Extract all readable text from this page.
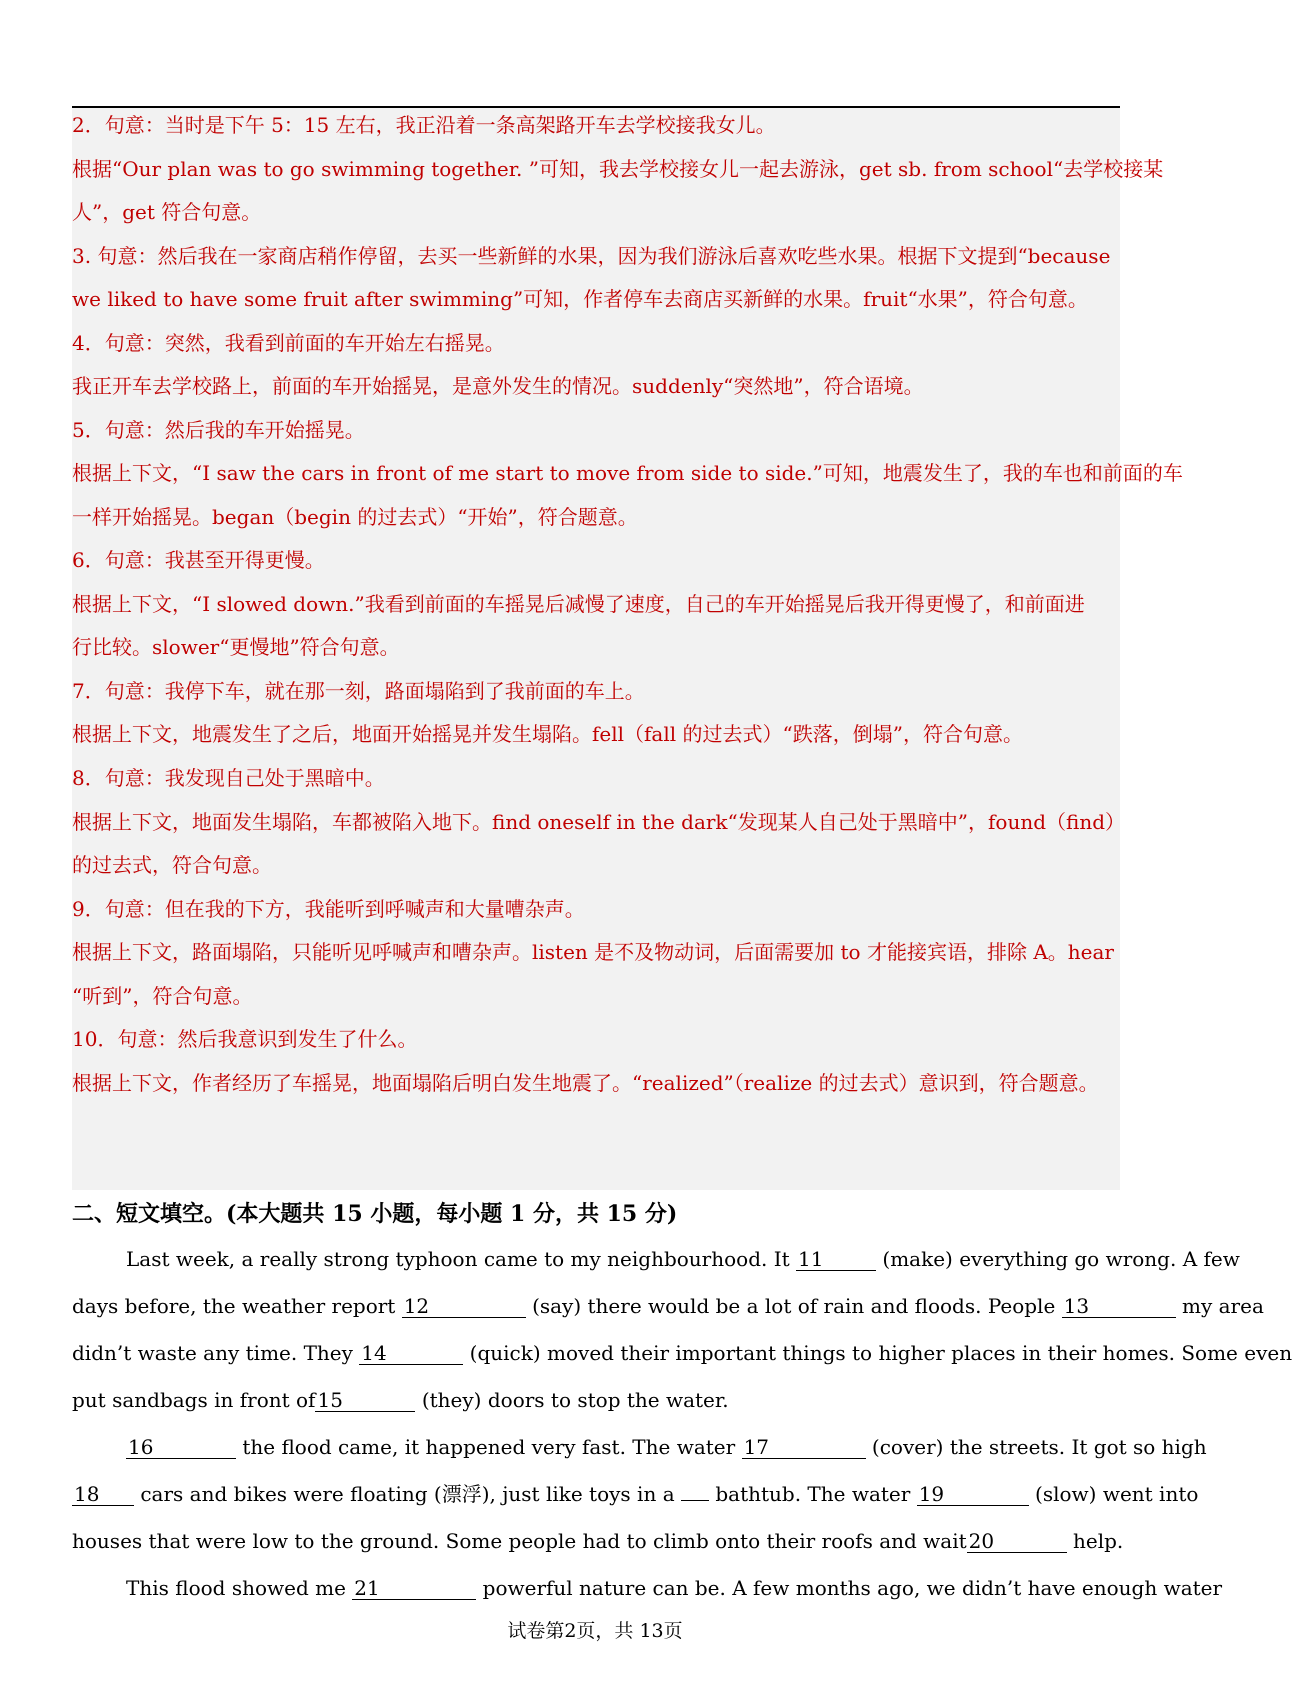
2．句意：当时是下午 5：15 左右，我正沿着一条高架路开车去学校接我女儿。
根据“Our plan was to go swimming together. ”可知，我去学校接女儿一起去游泳，get sb. from school“去学校接某
人”，get 符合句意。
3. 句意：然后我在一家商店稍作停留，去买一些新鲜的水果，因为我们游泳后喜欢吃些水果。根据下文提到“because
we liked to have some fruit after swimming”可知，作者停车去商店买新鲜的水果。fruit“水果”，符合句意。
4．句意：突然，我看到前面的车开始左右摇晃。
我正开车去学校路上，前面的车开始摇晃，是意外发生的情况。suddenly“突然地”，符合语境。
5．句意：然后我的车开始摇晃。
根据上下文，“I saw the cars in front of me start to move from side to side.”可知，地震发生了，我的车也和前面的车
一样开始摇晃。began（begin 的过去式）“开始”，符合题意。
6．句意：我甚至开得更慢。
根据上下文，“I slowed down.”我看到前面的车摇晃后减慢了速度，自己的车开始摇晃后我开得更慢了，和前面进
行比较。slower“更慢地”符合句意。
7．句意：我停下车，就在那一刻，路面塌陷到了我前面的车上。
根据上下文，地震发生了之后，地面开始摇晃并发生塌陷。fell（fall 的过去式）“跌落，倒塌”，符合句意。
8．句意：我发现自己处于黑暗中。
根据上下文，地面发生塌陷，车都被陷入地下。find oneself in the dark“发现某人自己处于黑暗中”，found（find）
的过去式，符合句意。
9．句意：但在我的下方，我能听到呼喊声和大量嘈杂声。
根据上下文，路面塌陷，只能听见呼喊声和嘈杂声。listen 是不及物动词，后面需要加 to 才能接宾语，排除 A。hear
“听到”，符合句意。
10．句意：然后我意识到发生了什么。
根据上下文，作者经历了车摇晃，地面塌陷后明白发生地震了。“realized”（realize 的过去式）意识到，符合题意。
二、短文填空。(本大题共 15 小题，每小题 1 分，共 15 分)
Last week, a really strong typhoon came to my neighbourhood. It 11	(make) everything go wrong. A few
days before, the weather report 12	(say) there would be a lot of rain and floods. People 13	my area
didn’t waste any time. They 14	(quick) moved their important things to higher places in their homes. Some even
put sandbags in front of 15	(they) doors to stop the water.
16	the flood came, it happened very fast. The water 17	(cover) the streets. It got so high
18 cars and bikes were floating (漂浮), just like toys in a bathtub. The water 19	(slow) went into
houses that were low to the ground. Some people had to climb onto their roofs and wait 20	help.
This flood showed me 21	powerful nature can be. A few months ago, we didn’t have enough water
试卷第2页，共 13页
